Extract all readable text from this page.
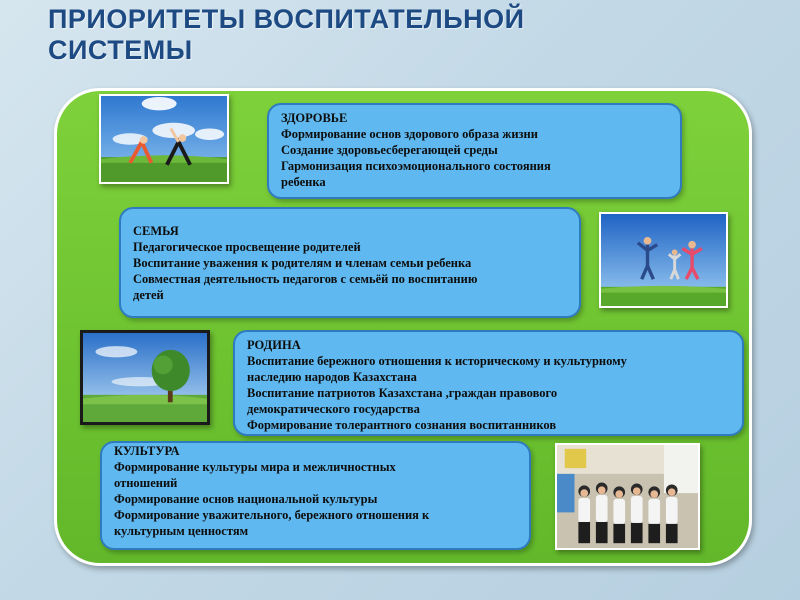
ПРИОРИТЕТЫ ВОСПИТАТЕЛЬНОЙ
СИСТЕМЫ
ЗДОРОВЬЕ
Формирование основ здорового образа жизни
Создание здоровьесберегающей среды
Гармонизация психоэмоционального состояния
ребенка
СЕМЬЯ
Педагогическое просвещение родителей
Воспитание уважения к родителям и членам семьи ребенка
Совместная деятельность педагогов с семьёй по воспитанию
детей
РОДИНА
Воспитание бережного отношения к историческому и культурному
наследию народов Казахстана
Воспитание патриотов Казахстана ,граждан правового
демократического государства
Формирование толерантного сознания воспитанников
КУЛЬТУРА
Формирование культуры мира и межличностных
отношений
Формирование основ национальной культуры
Формирование уважительного, бережного отношения к
культурным ценностям
